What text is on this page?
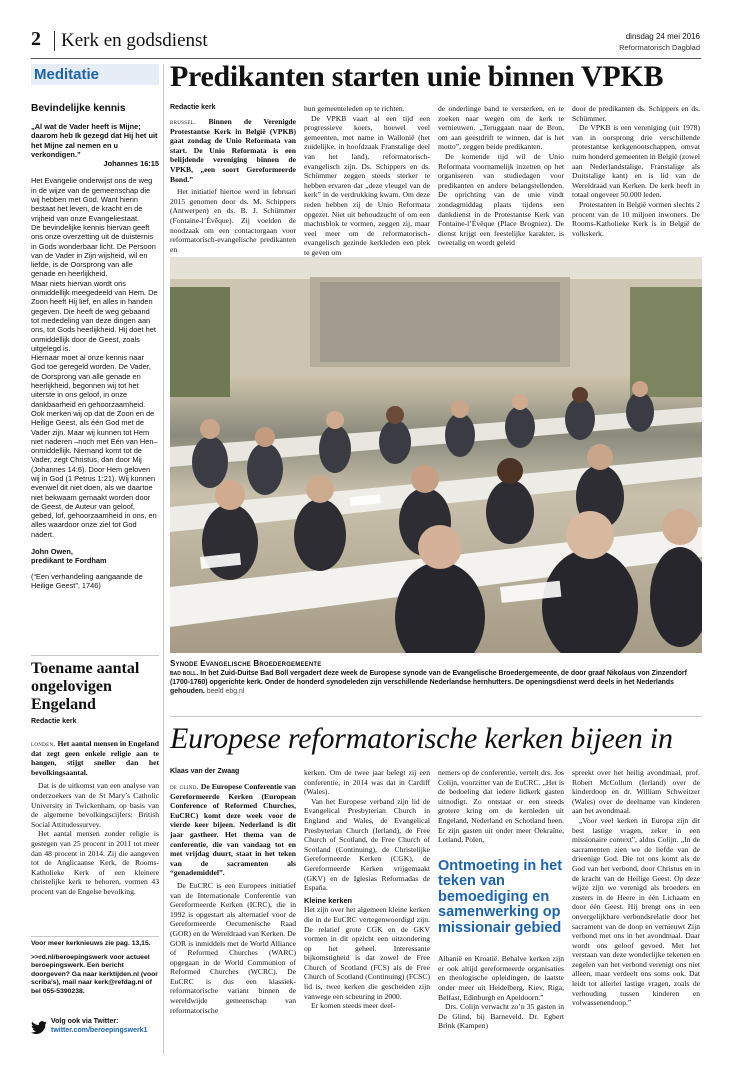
2 Kerk en godsdienst	dinsdag 24 mei 2016
Reformatorisch Dagblad
Meditatie
Bevindelijke kennis

„Al wat de Vader heeft is Mijne; daarom heb Ik gezegd dat Hij het uit het Mijne zal nemen en u verkondigen.”

Johannes 16:15

Het Evangelie onderwijst ons de weg in de wijze van de gemeenschap die wij hebben met God. Want hierin bestaat het leven, de kracht en de vrijheid van onze Evangeliestaat.

De bevindelijke kennis hiervan geeft ons onze overzetting uit de duisternis in Gods wonderbaar licht. De Persoon van de Vader in Zijn wijsheid, wil en liefde, is de Oorsprong van alle genade en heerlijkheid.

Maar niets hiervan wordt ons onmiddellijk meegedeeld van Hem. De Zoon heeft Hij lief, en alles in handen gegeven. Die heeft de weg gebaand tot mededeling van deze dingen aan ons, tot Gods heerlijkheid. Hij doet het onmiddellijk door de Geest, zoals uitgelegd is.

Hiernaar moet al onze kennis naar God toe geregeld worden. De Vader, de Oorsprong van alle genade en heerlijkheid, begonnen wij tot het uiterste in ons geloof, in onze dankbaarheid en gehoorzaamheid. Ook merken wij op dat de Zoon en de Heilige Geest, als één God met de Vader zijn. Maar wij kunnen tot Hem niet naderen –noch met Eén van Hen– onmiddellijk. Niemand komt tot de Vader, zegt Christus, dan door Mij (Johannes 14:6). Door Hem geloven wij in God (1 Petrus 1:21). Wij kunnen evenwel dit niet doen, als we daartoe niet bekwaam gemaakt worden door de Geest, de Auteur van geloof, gebed, lof, gehoorzaamheid in ons, en alles waardoor onze ziel tot God nadert.

John Owen,

predikant te Fordham

(“Een verhandeling aangaande de Heilige Geest”, 1746)

Predikanten starten unie binnen VPKB
Redactie kerk

brussel. Binnen de Verenigde Protestantse Kerk in België (VPKB) gaat zondag de Unio Reformata van start. De Unio Reformata is een belijdende vereniging binnen de VPKB, „een soort Gereformeerde Bond.”

Het initiatief hiertoe werd in februari 2015 genomen door ds. M. Schippers (Antwerpen) en ds. B. J. Schümmer (Fontaine-l’Évêque). Zij voelden de noodzaak om een contactorgaan voor reformatorisch-evangelische predikanten en

hun gemeenteleden op te richten.

De VPKB vaart al een tijd een progressieve koers, hoewel veel gemeenten, met name in Wallonië (het zuidelijke, in hoofdzaak Franstalige deel van het land), reformatorisch-evangelisch zijn. Ds. Schippers en ds. Schümmer zeggen steeds sterker te hebben ervaren dat „deze vleugel van de kerk” in de verdrukking kwam. Om deze reden hebben zij de Unio Reformata opgezet. Niet uit behoudzucht of om een machtsblok te vormen, zeggen zij, maar veel meer om de reformatorisch-evangelisch gezinde kerkleden een plek te geven om

de onderlinge band te versterken, en te zoeken naar wegen om de kerk te vernieuwen. „Teruggaan naar de Bron, om aan geestdrift te winnen, dat is het motto”, zeggen beide predikanten.

De komende tijd wil de Unio Reformata voornamelijk inzetten op het organiseren van studiedagen voor predikanten en andere belangstellenden. De oprichting van de unie vindt zondagmiddag plaats tijdens een dankdienst in de Protestantse Kerk van Fontaine-l’Évêque (Place Brogniez). De dienst krijgt een feestelijke karakter, is tweetalig en wordt geleid

door de predikanten ds. Schippers en ds. Schümmer.

De VPKB is een vereniging (uit 1978) van in oorsprong drie verschillende protestantse kerkgenootschappen, omvat ruim honderd gemeenten in België (zowel aan Nederlandstalige, Franstalige als Duitstalige kant) en is lid van de Wereldraad van Kerken. De kerk heeft in totaal ongeveer 50.000 leden.

Protestanten in België vormen slechts 2 procent van de 10 miljoen inwoners. De Rooms-Katholieke Kerk is in België de volkskerk.

Synode Evangelische Broedergemeente
bad boll. In het Zuid-Duitse Bad Boll vergadert deze week de Europese synode van de Evangelische Broedergemeente, de door graaf Nikolaus von Zinzendorf (1700-1760) opgerichte kerk. Onder de honderd synodeleden zijn verschillende Nederlandse hernhutters. De openingsdienst werd deels in het Nederlands gehouden. beeld ebg.nl
Toename aantal ongelovigen Engeland
Redactie kerk

londen. Het aantal mensen in Engeland dat zegt geen enkele religie aan te hangen, stijgt sneller dan het bevolkingsaantal.

Dat is de uitkomst van een analyse van onderzoekers van de St Mary’s Catholic University in Twickenham, op basis van de algemene bevolkingscijfers: British Social Attitudessurvey.

Het aantal mensen zonder religie is gestegen van 25 procent in 2011 tot meer dan 48 procent in 2014. Zij die aangeven tot de Anglicaanse Kerk, de Rooms-Katholieke Kerk of een kleinere christelijke kerk te behoren, vormen 43 procent van de Engelse bevolking.

Voor meer kerknieuws zie pag. 13,15.

>>rd.nl/beroepingswerk voor actueel beroepingswerk. Een bericht doorgeven? Ga naar kerktijden.nl (voor scriba’s), mail naar kerk@refdag.nl of bel 055-5390238.

Volg ook via Twitter:
twitter.com/beroepingswerk1
Europese reformatorische kerken bijeen in
Klaas van der Zwaag

de glind. De Europese Conferentie van Gereformeerde Kerken (European Conference of Reformed Churches, EuCRC) komt deze week voor de vierde keer bijeen. Nederland is dit jaar gastheer. Het thema van de conferentie, die van vandaag tot en met vrijdag duurt, staat in het teken van de sacramenten als “genademiddel”.

De EuCRC is een Europees initiatief van de Internationale Conferentie van Gereformeerde Kerken (ICRC), die in 1992 is opgestart als alternatief voor de Gereformeerde Oecumenische Raad (GOR) en de Wereldraad van Kerken. De GOR is inmiddels met de World Alliance of Reformed Churches (WARC) opgegaan in de World Communion of Reformed Churches (WCRC). De EuCRC is dus een klassiek-reformatorische variant binnen de wereldwijde gemeenschap van reformatorische

kerken. Om de twee jaar belegt zij een conferentie, in 2014 was dat in Cardiff (Wales).

Van het Europese verband zijn lid de Evangelical Presbyterian Church in England and Wales, de Evangelical Presbyterian Church (Ierland), de Free Church of Scotland, de Free Church of Scotland (Continuing), de Christelijke Gereformeerde Kerken (CGK), de Gereformeerde Kerken vrijgemaakt (GKV) en de Iglesias Reformadas de España.

Kleine kerken

Het zijn over het algemeen kleine kerken die in de EuCRC vertegenwoordigd zijn. De relatief grote CGK en de GKV vormen in dit opzicht een uitzondering op het geheel. Interessante bijkomstigheid is dat zowel de Free Church of Scotland (FCS) als de Free Church of Scotland (Continuing) (FCSC) lid is, twee kerken die gescheiden zijn vanwege een scheuring in 2000.

Er komen steeds meer deel-

nemers op de conferentie, vertelt drs. Jos Colijn, voorzitter van de EuCRC. „Het is de bedoeling dat iedere lidkerk gasten uitnodigt. Zo ontstaat er een steeds grotere kring om de kernleden uit Engeland, Nederland en Schotland heen. Er zijn gasten uit onder meer Oekraïne, Letland, Polen,

Ontmoeting in het teken van bemoediging en samenwerking op missionair gebied

Albanië en Kroatië. Behalve kerken zijn er ook altijd gereformeerde organisaties en theologische opleidingen, de laatste onder meer uit Heidelberg, Kiev, Riga, Belfast, Edinburgh en Apeldoorn.”

Drs. Colijn verwacht zo’n 35 gasten in De Glind, bij Barneveld. Dr. Egbert Brink (Kampen)

spreekt over het heilig avondmaal, prof. Robert McCollum (Ierland) over de kinderdoop en dr. William Schweitzer (Wales) over de deelname van kinderen aan het avondmaal.

„Voor veel kerken in Europa zijn dit best lastige vragen, zeker in een missionaire context”, aldus Colijn. „In de sacramenten zien we de liefde van de drieenige God. Die tot ons komt als de God van het verbond, door Christus en in de kracht van de Heilige Geest. Op deze wijze zijn we verenigd als broeders en zusters in de Heere in één Lichaam en door één Geest. Hij brengt ons in een onvergelijkbare verbondsrelatie door het sacrament van de doop en vernieuwt Zijn verbond met ons in het avondmaal. Daar wordt ons geloof gevoed. Met het verstaan van deze wonderlijke tekenen en zegelen van het verbond verenigt ons niet alleen, maar verdeelt ons soms ook. Dat leidt tot allerlei lastige vragen, zoals de verhouding tussen kinderen en volwassenendoop.”
